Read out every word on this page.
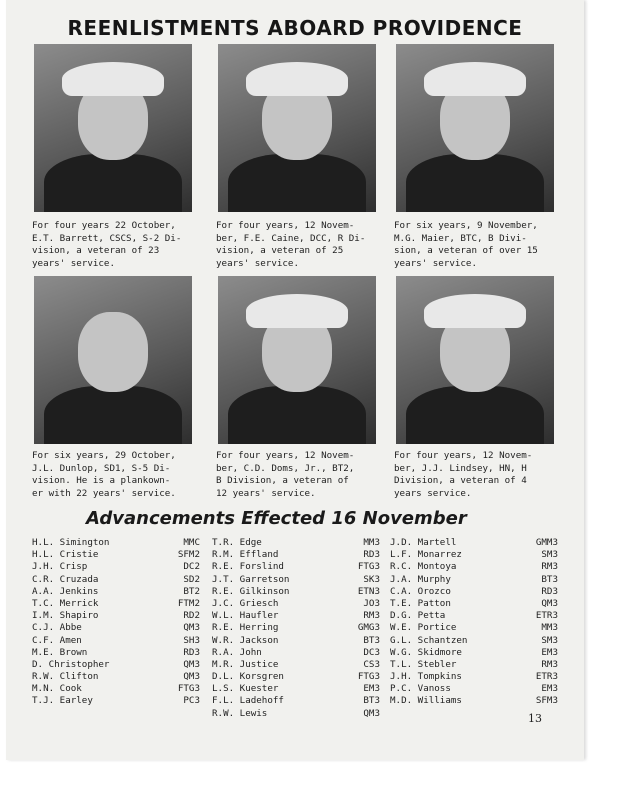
REENLISTMENTS ABOARD PROVIDENCE
For four years 22 October,
E.T. Barrett, CSCS, S-2 Di-
vision, a veteran of 23
years' service.
For four years, 12 Novem-
ber, F.E. Caine, DCC, R Di-
vision, a veteran of 25
years' service.
For six years, 9 November,
M.G. Maier, BTC, B Divi-
sion, a veteran of over 15
years' service.
For six years, 29 October,
J.L. Dunlop, SD1, S-5 Di-
vision. He is a plankown-
er with 22 years' service.
For four years, 12 Novem-
ber, C.D. Doms, Jr., BT2,
B Division, a veteran of
12 years' service.
For four years, 12 Novem-
ber, J.J. Lindsey, HN, H
Division, a veteran of 4
years service.
Advancements Effected 16 November
H.L. Simington	MMC
H.L. Cristie	SFM2
J.H. Crisp	DC2
C.R. Cruzada	SD2
A.A. Jenkins	BT2
T.C. Merrick	FTM2
I.M. Shapiro	RD2
C.J. Abbe	QM3
C.F. Amen	SH3
M.E. Brown	RD3
D. Christopher	QM3
R.W. Clifton	QM3
M.N. Cook	FTG3
T.J. Earley	PC3
T.R. Edge	MM3
R.M. Effland	RD3
R.E. Forslind	FTG3
J.T. Garretson	SK3
R.E. Gilkinson	ETN3
J.C. Griesch	JO3
W.L. Haufler	RM3
R.E. Herring	GMG3
W.R. Jackson	BT3
R.A. John	DC3
M.R. Justice	CS3
D.L. Korsgren	FTG3
L.S. Kuester	EM3
F.L. Ladehoff	BT3
R.W. Lewis	QM3
J.D. Martell	GMM3
L.F. Monarrez	SM3
R.C. Montoya	RM3
J.A. Murphy	BT3
C.A. Orozco	RD3
T.E. Patton	QM3
D.G. Petta	ETR3
W.E. Portice	MM3
G.L. Schantzen	SM3
W.G. Skidmore	EM3
T.L. Stebler	RM3
J.H. Tompkins	ETR3
P.C. Vanoss	EM3
M.D. Williams	SFM3
13
